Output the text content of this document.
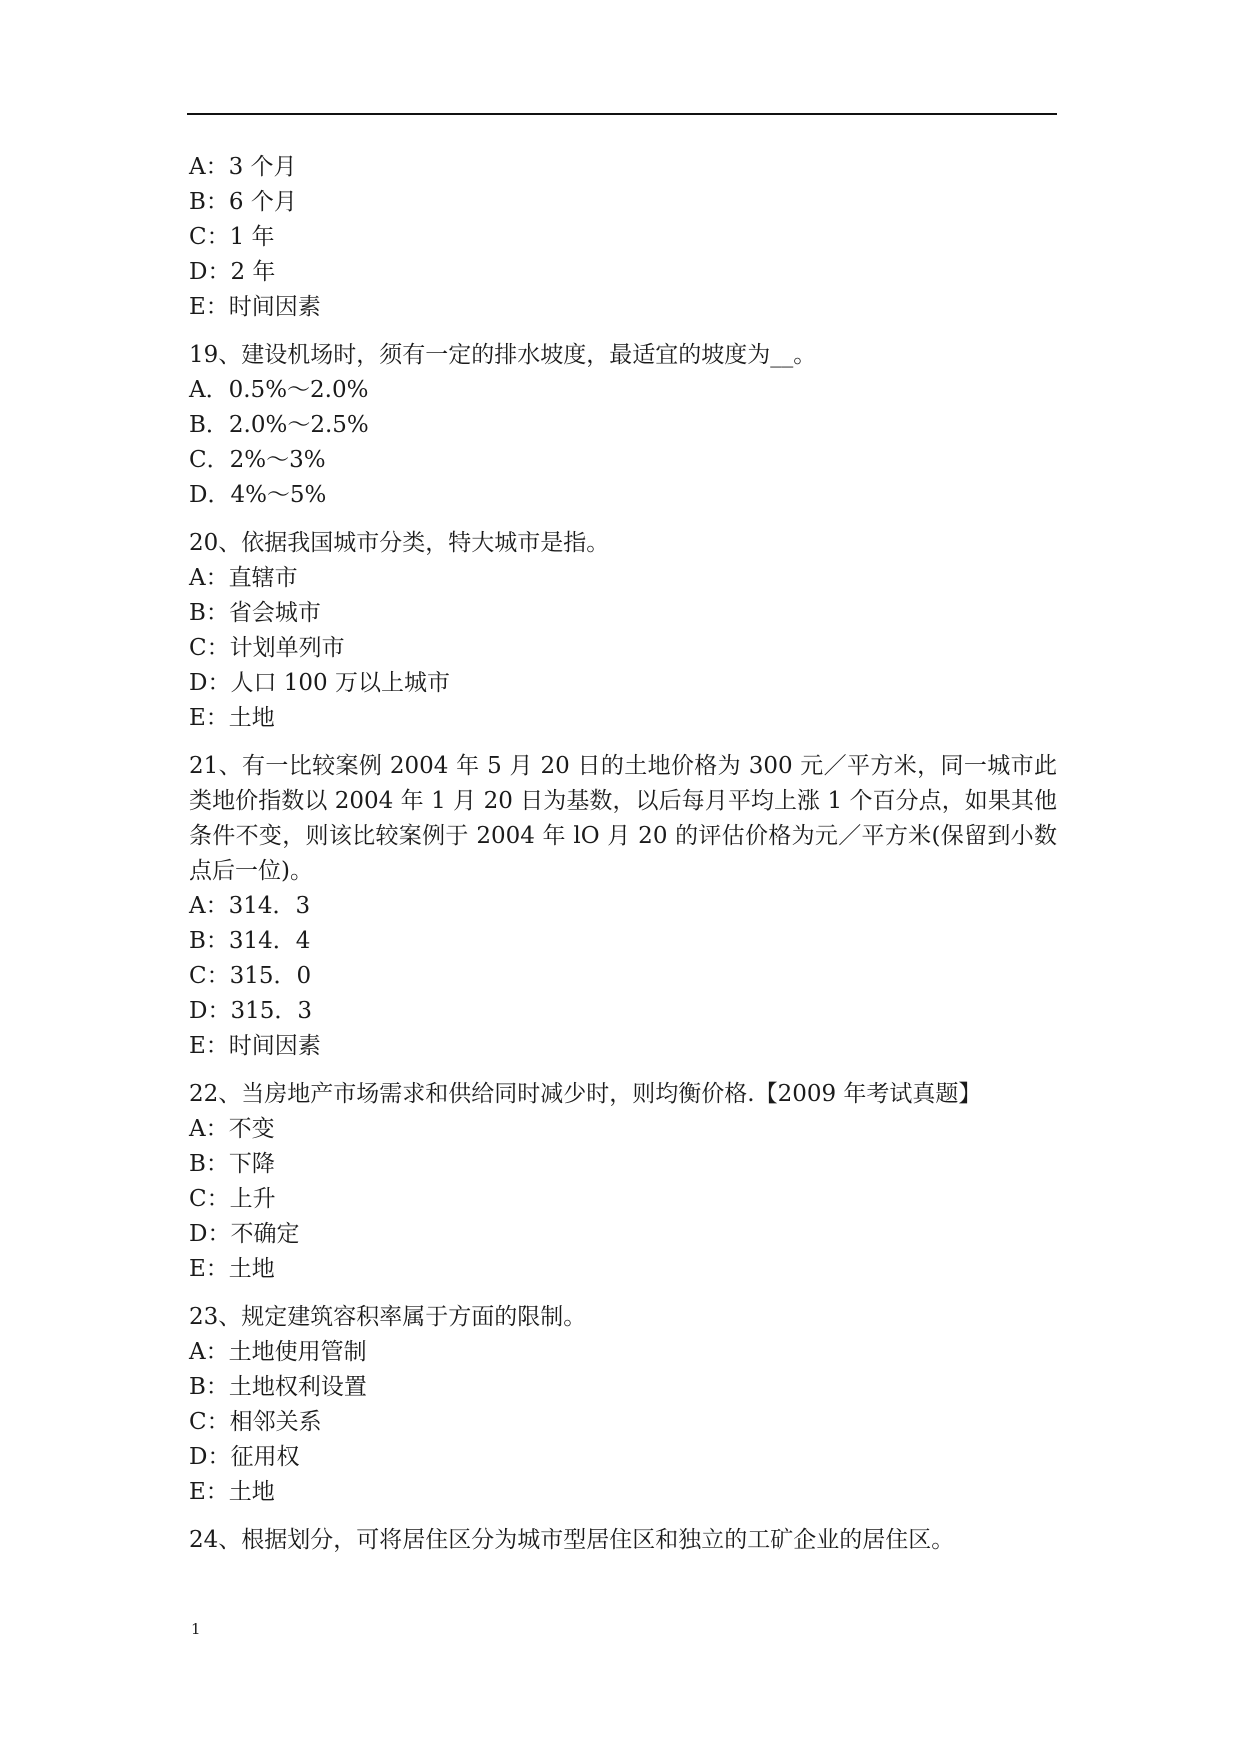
A：3 个月
B：6 个月
C：1 年
D：2 年
E：时间因素
19、建设机场时，须有一定的排水坡度，最适宜的坡度为__。
A．0.5%～2.0%
B．2.0%～2.5%
C．2%～3%
D．4%～5%
20、依据我国城市分类，特大城市是指。
A：直辖市
B：省会城市
C：计划单列市
D：人口 100 万以上城市
E：土地
21、有一比较案例 2004 年 5 月 20 日的土地价格为 300 元／平方米，同一城市此类地价指数以 2004 年 1 月 20 日为基数，以后每月平均上涨 1 个百分点，如果其他条件不变，则该比较案例于 2004 年 lO 月 20 的评估价格为元／平方米(保留到小数点后一位)。
A：314．3
B：314．4
C：315．0
D：315．3
E：时间因素
22、当房地产市场需求和供给同时减少时，则均衡价格.【2009 年考试真题】
A：不变
B：下降
C：上升
D：不确定
E：土地
23、规定建筑容积率属于方面的限制。
A：土地使用管制
B：土地权利设置
C：相邻关系
D：征用权
E：土地
24、根据划分，可将居住区分为城市型居住区和独立的工矿企业的居住区。
1
